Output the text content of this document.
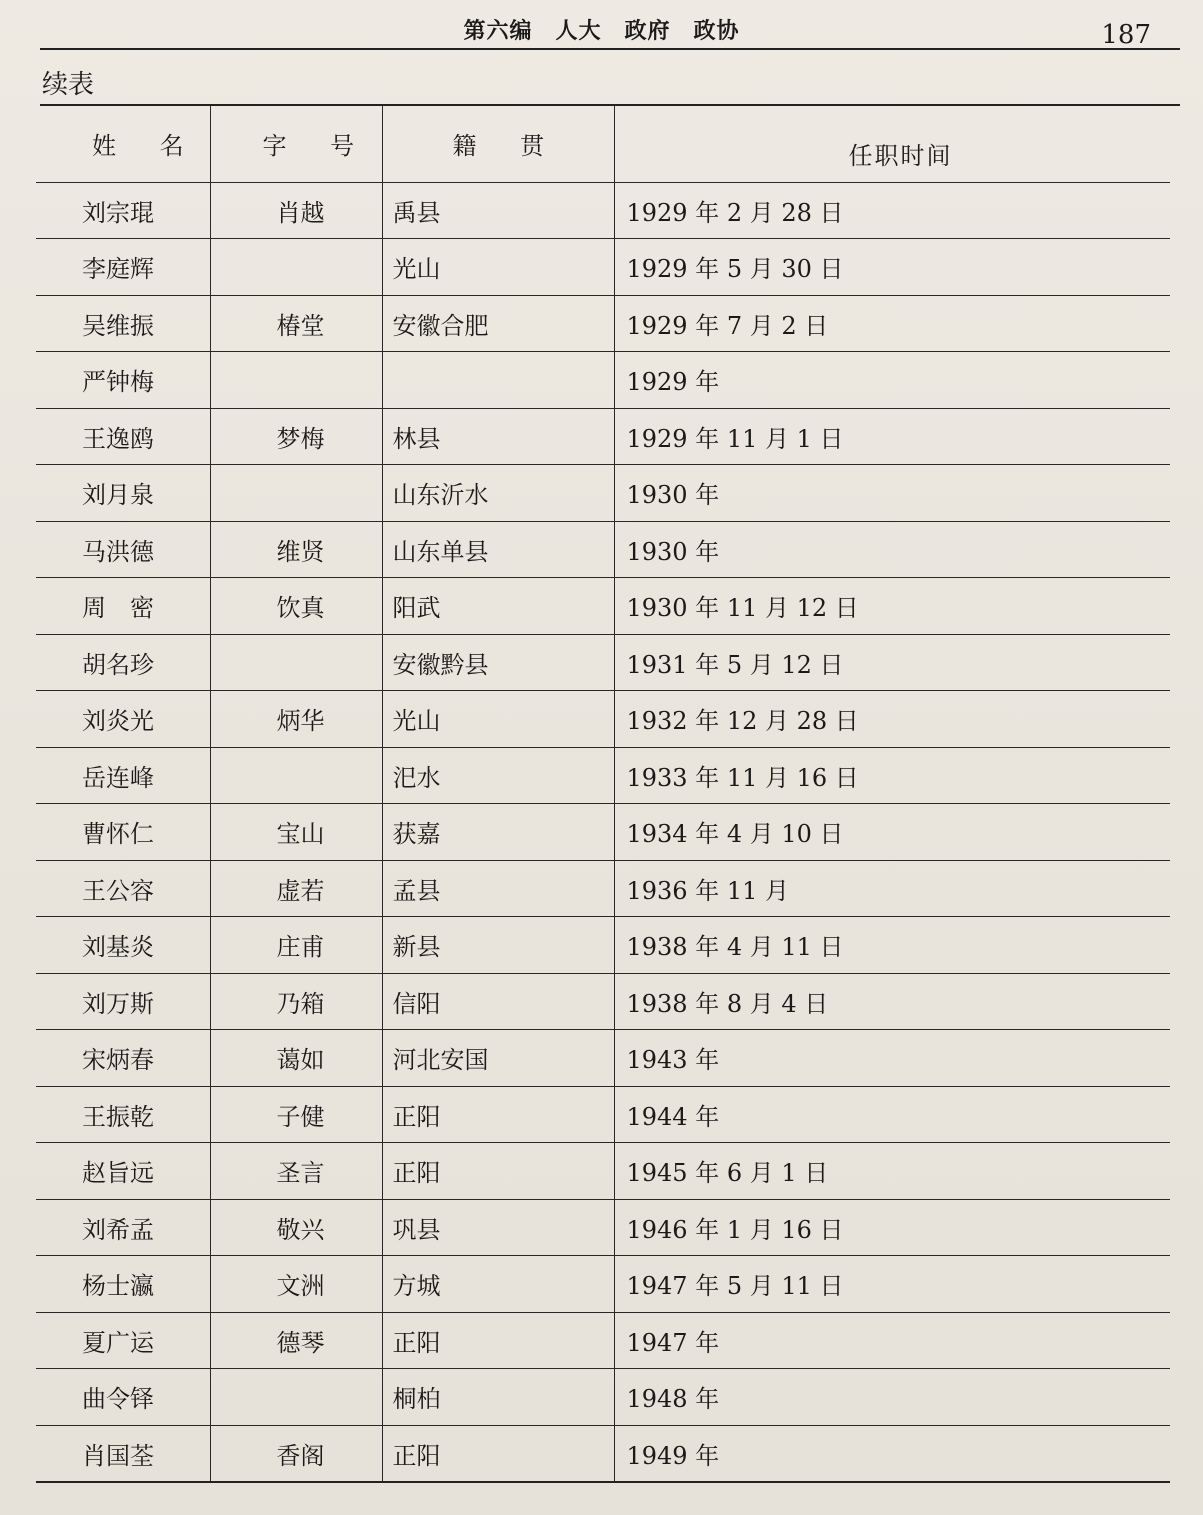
第六编　人大　政府　政协	187
续表
姓 名	字 号	籍 贯	任职时间
刘宗琨	肖越	禹县	1929 年 2 月 28 日
李庭辉		光山	1929 年 5 月 30 日
吴维振	椿堂	安徽合肥	1929 年 7 月 2 日
严钟梅			1929 年
王逸鸥	梦梅	林县	1929 年 11 月 1 日
刘月泉		山东沂水	1930 年
马洪德	维贤	山东单县	1930 年
周　密	饮真	阳武	1930 年 11 月 12 日
胡名珍		安徽黔县	1931 年 5 月 12 日
刘炎光	炳华	光山	1932 年 12 月 28 日
岳连峰		汜水	1933 年 11 月 16 日
曹怀仁	宝山	获嘉	1934 年 4 月 10 日
王公容	虚若	孟县	1936 年 11 月
刘基炎	庄甫	新县	1938 年 4 月 11 日
刘万斯	乃箱	信阳	1938 年 8 月 4 日
宋炳春	蔼如	河北安国	1943 年
王振乾	子健	正阳	1944 年
赵旨远	圣言	正阳	1945 年 6 月 1 日
刘希孟	敬兴	巩县	1946 年 1 月 16 日
杨士瀛	文洲	方城	1947 年 5 月 11 日
夏广运	德琴	正阳	1947 年
曲令铎		桐柏	1948 年
肖国荃	香阁	正阳	1949 年
